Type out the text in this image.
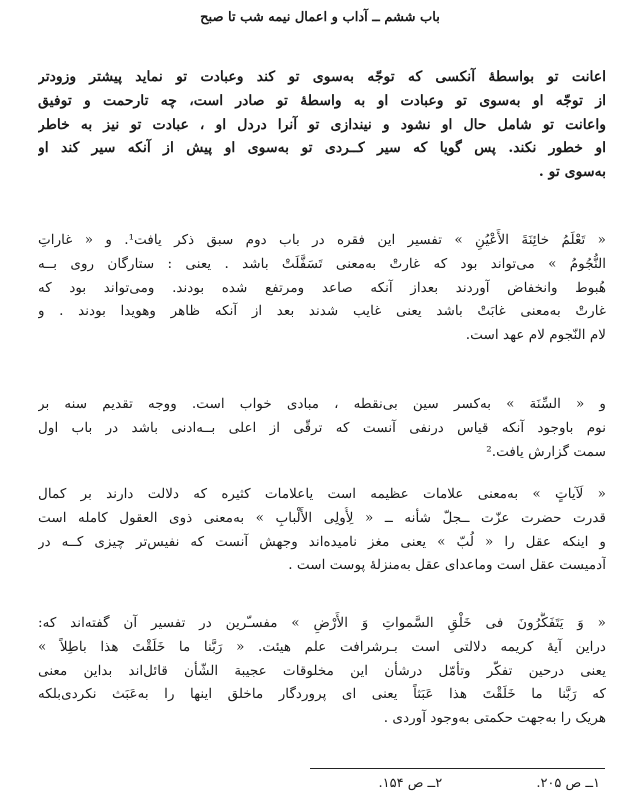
باب ششم ــ آداب و اعمال نیمه شب تا صبح
اعانت تو بواسطهٔ آنکسی که توجّه به‌سوی تو کند وعبادت تو نماید پیشتر وزودتر
از توجّه او به‌سوی تو وعبادت او به واسطهٔ تو صادر است، چه تارحمت و توفیق
واعانت تو شامل حال او نشود و نیندازی تو آنرا دردل او ، عبادت تو نیز به خاطر
او خطور نکند. پس گویا که سیر کــردی تو به‌سوی او پیش از آنکه سیر کند او
به‌سوی تو .
« تَعْلَمُ خائِنَةَ الأَعْيُنِ » تفسیر این فقره در باب دوم سبق ذکر یافت¹. و « غاراتِ
النُّجُومُ » می‌تواند بود که غارتْ به‌معنی تَسَفَّلَتْ باشد . یعنی : ستارگان روی بــه
هُبوط وانخفاض آوردند بعداز آنکه صاعد ومرتفع شده بودند. ومی‌تواند بود که
غارتْ به‌معنی غابَتْ باشد یعنی غایب شدند بعد از آنکه ظاهر وهویدا بودند . و
لام النّجوم لام عهد است.
و « السِّنَة » به‌کسر سین بی‌نقطه ، مبادی خواب است. ووجه تقدیم سنه بر
نوم باوجود آنکه قیاس درنفی آنست که ترقّی از اعلی بــه‌ادنی باشد در باب اول
سمت گزارش یافت.²
« لَآیاتٍ » به‌معنی علامات عظیمه است یاعلامات کثیره که دلالت دارند بر کمال
قدرت حضرت عزّت ــجلّ شأنه ــ « لِأُولِی الأَلْبابِ » به‌معنی ذوی العقول کامله است
و اینکه عقل را « لُبّ » یعنی مغز نامیده‌اند وجهش آنست که نفیس‌تر چیزی کــه در
آدمیست عقل است وماعدای عقل به‌منزلهٔ پوست است .
« وَ یَتَفَکَّرُونَ فی خَلْقِ السَّمواتِ وَ الأَرْضِ » مفسـّرین در تفسیر آن گفته‌اند که:
دراین آیهٔ کریمه دلالتی است بـرشرافت علم هیئت. « رَبَّنا ما خَلَقْتَ هذا باطِلاً »
یعنی درحین تفکّر وتأمّل درشأن این مخلوقات عجیبة الشّأن قائل‌اند بداین معنی
که رَبَّنا ما خَلَقْتَ هذا عَبَثاً یعنی ای پروردگار ماخلق اینها را به‌عَبَث نکردی‌بلکه
هریک را به‌جهت حکمتی به‌وجود آوردی .
۱ــ ص ۲۰۵. ۲ــ ص ۱۵۴.
